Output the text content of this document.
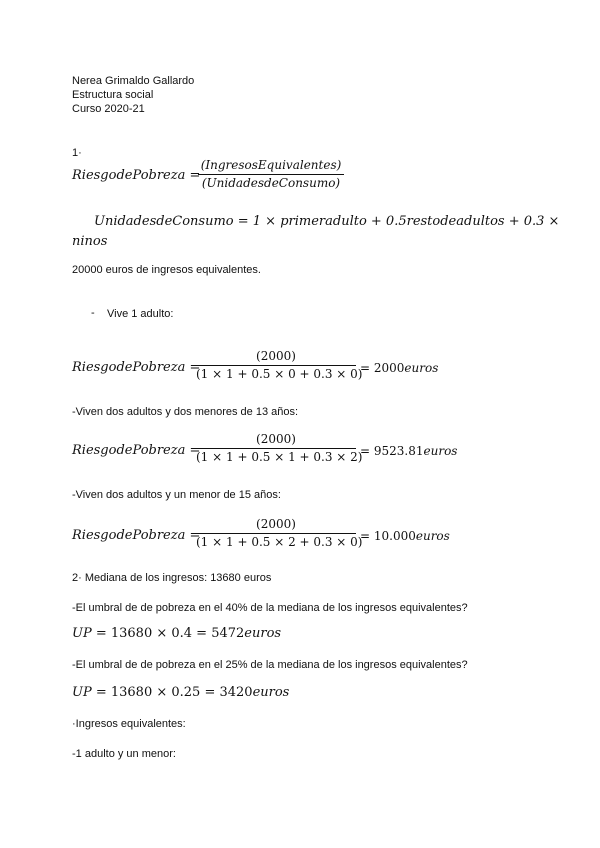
Nerea Grimaldo Gallardo
Estructura social
Curso 2020-21
1·
RiesgodePobreza =
(IngresosEquivalentes)
(UnidadesdeConsumo)
UnidadesdeConsumo = 1 × primeradulto + 0.5restodeadultos + 0.3 ×
ninos
20000 euros de ingresos equivalentes.
- Vive 1 adulto:
RiesgodePobreza =
(2000)
(1 × 1 + 0.5 × 0 + 0.3 × 0)
= 2000euros
-Viven dos adultos y dos menores de 13 años:
RiesgodePobreza =
(2000)
(1 × 1 + 0.5 × 1 + 0.3 × 2)
= 9523.81euros
-Viven dos adultos y un menor de 15 años:
RiesgodePobreza =
(2000)
(1 × 1 + 0.5 × 2 + 0.3 × 0)
= 10.000euros
2· Mediana de los ingresos: 13680 euros
-El umbral de de pobreza en el 40% de la mediana de los ingresos equivalentes?
UP = 13680 × 0.4 = 5472euros
-El umbral de de pobreza en el 25% de la mediana de los ingresos equivalentes?
UP = 13680 × 0.25 = 3420euros
·Ingresos equivalentes:
-1 adulto y un menor:
